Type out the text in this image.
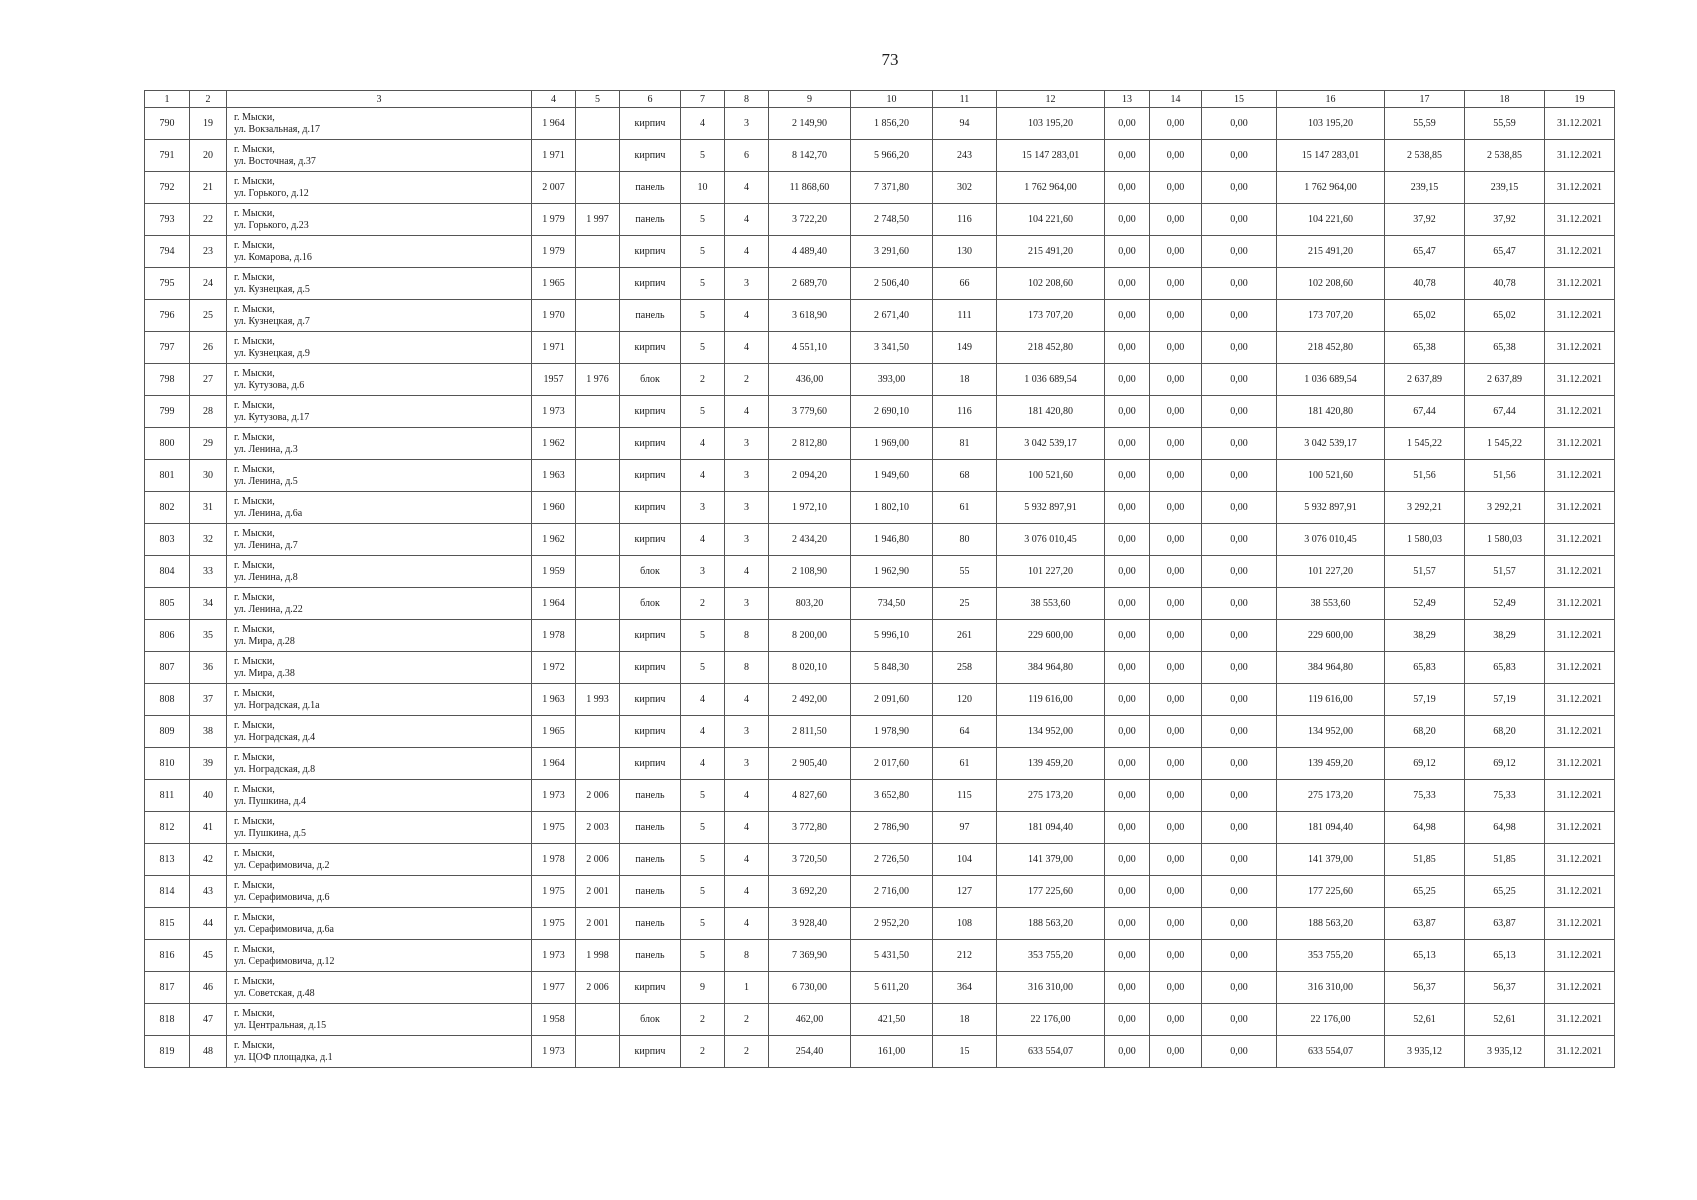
73
1	2	3	4	5	6	7	8	9	10	11	12	13	14	15	16	17	18	19
790	19	г. Мыски,
ул. Вокзальная, д.17	1 964		кирпич	4	3	2 149,90	1 856,20	94	103 195,20	0,00	0,00	0,00	103 195,20	55,59	55,59	31.12.2021
791	20	г. Мыски,
ул. Восточная, д.37	1 971		кирпич	5	6	8 142,70	5 966,20	243	15 147 283,01	0,00	0,00	0,00	15 147 283,01	2 538,85	2 538,85	31.12.2021
792	21	г. Мыски,
ул. Горького, д.12	2 007		панель	10	4	11 868,60	7 371,80	302	1 762 964,00	0,00	0,00	0,00	1 762 964,00	239,15	239,15	31.12.2021
793	22	г. Мыски,
ул. Горького, д.23	1 979	1 997	панель	5	4	3 722,20	2 748,50	116	104 221,60	0,00	0,00	0,00	104 221,60	37,92	37,92	31.12.2021
794	23	г. Мыски,
ул. Комарова, д.16	1 979		кирпич	5	4	4 489,40	3 291,60	130	215 491,20	0,00	0,00	0,00	215 491,20	65,47	65,47	31.12.2021
795	24	г. Мыски,
ул. Кузнецкая, д.5	1 965		кирпич	5	3	2 689,70	2 506,40	66	102 208,60	0,00	0,00	0,00	102 208,60	40,78	40,78	31.12.2021
796	25	г. Мыски,
ул. Кузнецкая, д.7	1 970		панель	5	4	3 618,90	2 671,40	111	173 707,20	0,00	0,00	0,00	173 707,20	65,02	65,02	31.12.2021
797	26	г. Мыски,
ул. Кузнецкая, д.9	1 971		кирпич	5	4	4 551,10	3 341,50	149	218 452,80	0,00	0,00	0,00	218 452,80	65,38	65,38	31.12.2021
798	27	г. Мыски,
ул. Кутузова, д.6	1957	1 976	блок	2	2	436,00	393,00	18	1 036 689,54	0,00	0,00	0,00	1 036 689,54	2 637,89	2 637,89	31.12.2021
799	28	г. Мыски,
ул. Кутузова, д.17	1 973		кирпич	5	4	3 779,60	2 690,10	116	181 420,80	0,00	0,00	0,00	181 420,80	67,44	67,44	31.12.2021
800	29	г. Мыски,
ул. Ленина, д.3	1 962		кирпич	4	3	2 812,80	1 969,00	81	3 042 539,17	0,00	0,00	0,00	3 042 539,17	1 545,22	1 545,22	31.12.2021
801	30	г. Мыски,
ул. Ленина, д.5	1 963		кирпич	4	3	2 094,20	1 949,60	68	100 521,60	0,00	0,00	0,00	100 521,60	51,56	51,56	31.12.2021
802	31	г. Мыски,
ул. Ленина, д.6а	1 960		кирпич	3	3	1 972,10	1 802,10	61	5 932 897,91	0,00	0,00	0,00	5 932 897,91	3 292,21	3 292,21	31.12.2021
803	32	г. Мыски,
ул. Ленина, д.7	1 962		кирпич	4	3	2 434,20	1 946,80	80	3 076 010,45	0,00	0,00	0,00	3 076 010,45	1 580,03	1 580,03	31.12.2021
804	33	г. Мыски,
ул. Ленина, д.8	1 959		блок	3	4	2 108,90	1 962,90	55	101 227,20	0,00	0,00	0,00	101 227,20	51,57	51,57	31.12.2021
805	34	г. Мыски,
ул. Ленина, д.22	1 964		блок	2	3	803,20	734,50	25	38 553,60	0,00	0,00	0,00	38 553,60	52,49	52,49	31.12.2021
806	35	г. Мыски,
ул. Мира, д.28	1 978		кирпич	5	8	8 200,00	5 996,10	261	229 600,00	0,00	0,00	0,00	229 600,00	38,29	38,29	31.12.2021
807	36	г. Мыски,
ул. Мира, д.38	1 972		кирпич	5	8	8 020,10	5 848,30	258	384 964,80	0,00	0,00	0,00	384 964,80	65,83	65,83	31.12.2021
808	37	г. Мыски,
ул. Ноградская, д.1а	1 963	1 993	кирпич	4	4	2 492,00	2 091,60	120	119 616,00	0,00	0,00	0,00	119 616,00	57,19	57,19	31.12.2021
809	38	г. Мыски,
ул. Ноградская, д.4	1 965		кирпич	4	3	2 811,50	1 978,90	64	134 952,00	0,00	0,00	0,00	134 952,00	68,20	68,20	31.12.2021
810	39	г. Мыски,
ул. Ноградская, д.8	1 964		кирпич	4	3	2 905,40	2 017,60	61	139 459,20	0,00	0,00	0,00	139 459,20	69,12	69,12	31.12.2021
811	40	г. Мыски,
ул. Пушкина, д.4	1 973	2 006	панель	5	4	4 827,60	3 652,80	115	275 173,20	0,00	0,00	0,00	275 173,20	75,33	75,33	31.12.2021
812	41	г. Мыски,
ул. Пушкина, д.5	1 975	2 003	панель	5	4	3 772,80	2 786,90	97	181 094,40	0,00	0,00	0,00	181 094,40	64,98	64,98	31.12.2021
813	42	г. Мыски,
ул. Серафимовича, д.2	1 978	2 006	панель	5	4	3 720,50	2 726,50	104	141 379,00	0,00	0,00	0,00	141 379,00	51,85	51,85	31.12.2021
814	43	г. Мыски,
ул. Серафимовича, д.6	1 975	2 001	панель	5	4	3 692,20	2 716,00	127	177 225,60	0,00	0,00	0,00	177 225,60	65,25	65,25	31.12.2021
815	44	г. Мыски,
ул. Серафимовича, д.6а	1 975	2 001	панель	5	4	3 928,40	2 952,20	108	188 563,20	0,00	0,00	0,00	188 563,20	63,87	63,87	31.12.2021
816	45	г. Мыски,
ул. Серафимовича, д.12	1 973	1 998	панель	5	8	7 369,90	5 431,50	212	353 755,20	0,00	0,00	0,00	353 755,20	65,13	65,13	31.12.2021
817	46	г. Мыски,
ул. Советская, д.48	1 977	2 006	кирпич	9	1	6 730,00	5 611,20	364	316 310,00	0,00	0,00	0,00	316 310,00	56,37	56,37	31.12.2021
818	47	г. Мыски,
ул. Центральная, д.15	1 958		блок	2	2	462,00	421,50	18	22 176,00	0,00	0,00	0,00	22 176,00	52,61	52,61	31.12.2021
819	48	г. Мыски,
ул. ЦОФ площадка, д.1	1 973		кирпич	2	2	254,40	161,00	15	633 554,07	0,00	0,00	0,00	633 554,07	3 935,12	3 935,12	31.12.2021
